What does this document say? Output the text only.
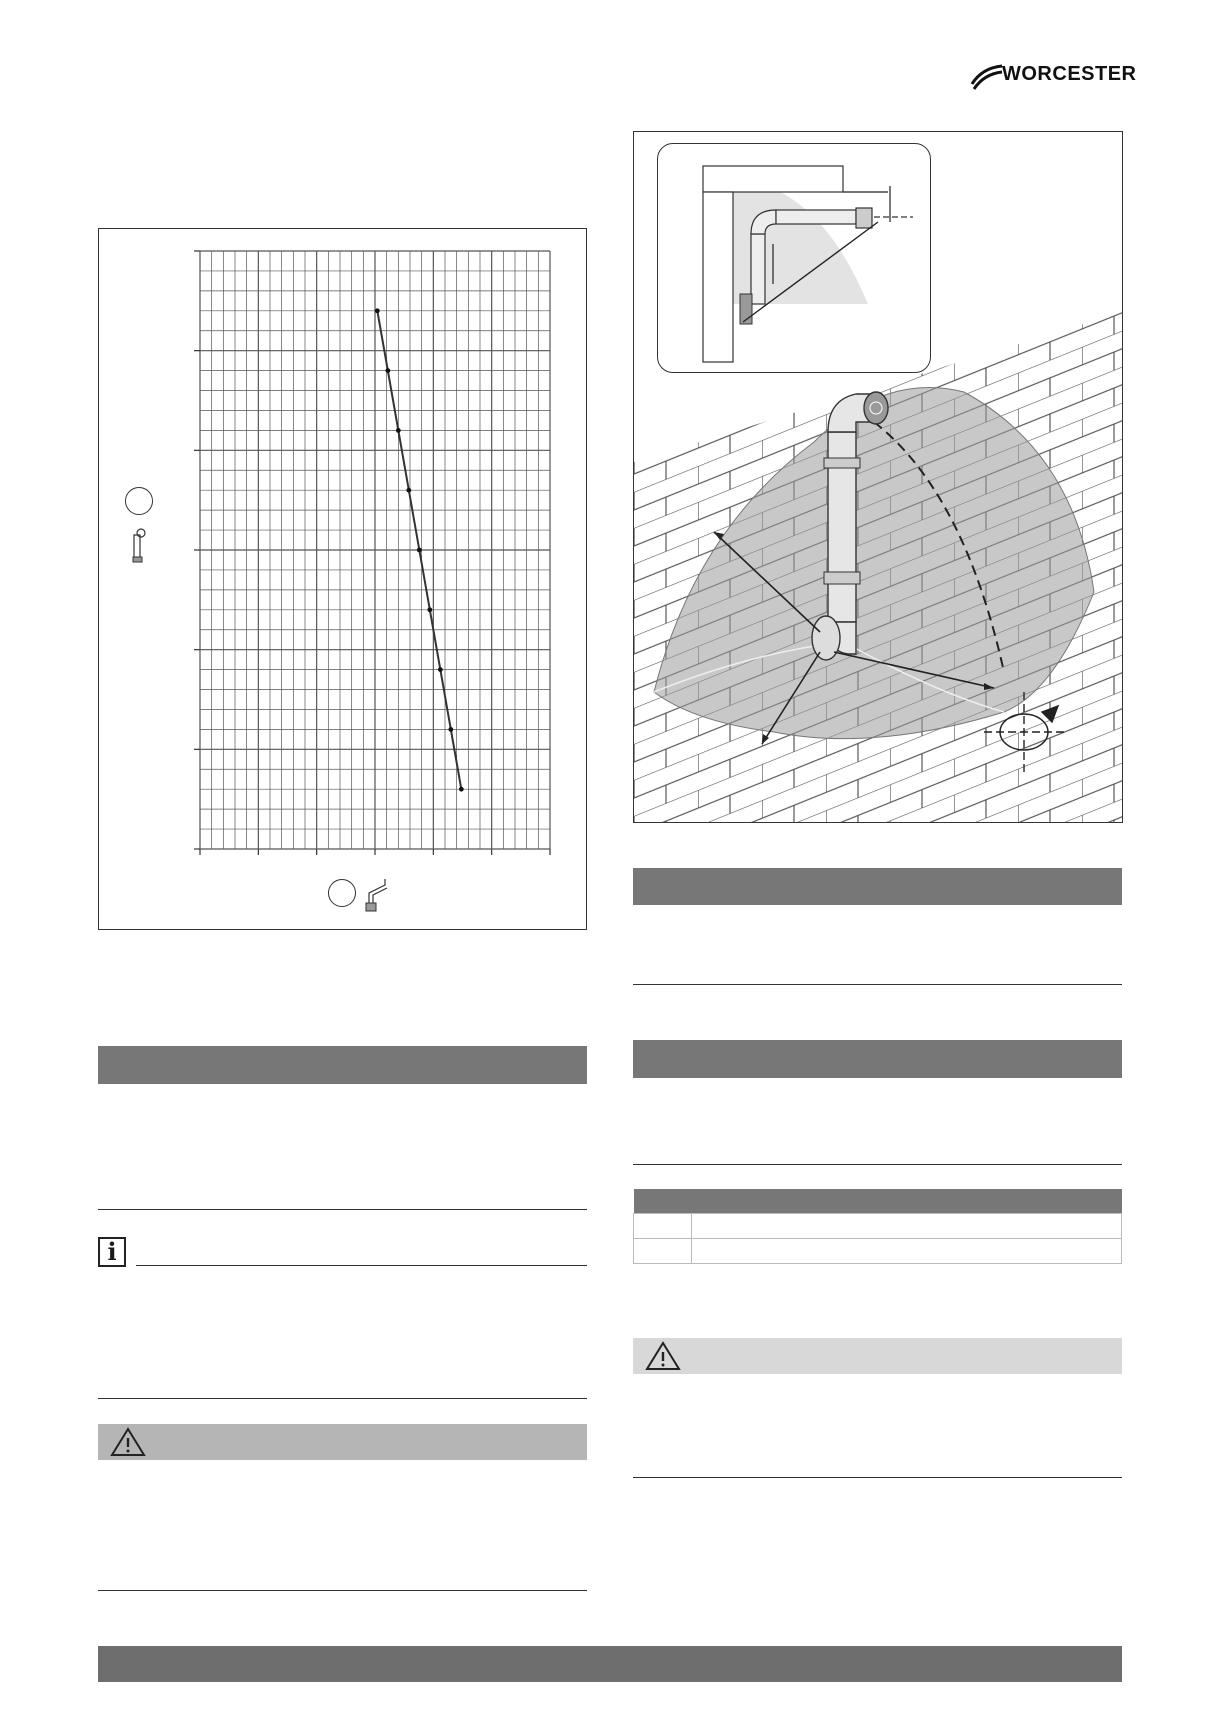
WORCESTER
i
